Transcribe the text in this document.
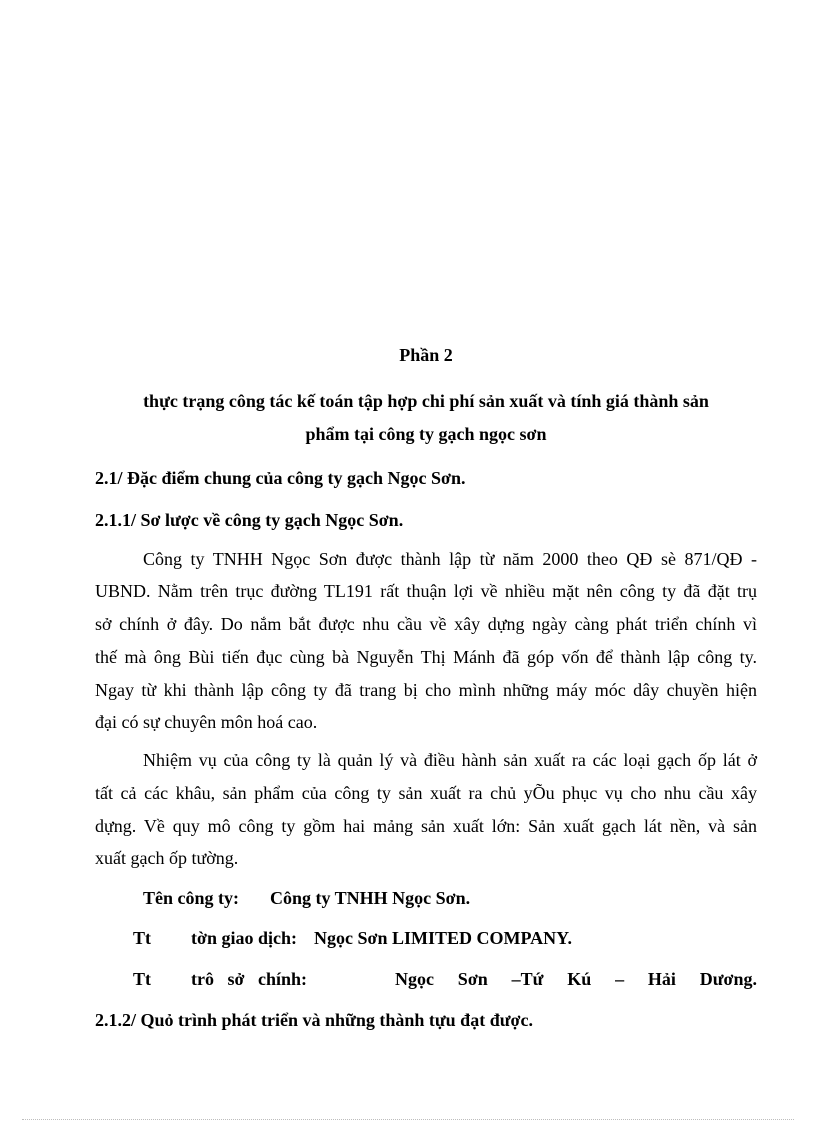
Phần 2
thực trạng công tác kế toán tập hợp chi phí sản xuất và tính giá thành sản
phẩm tại công ty gạch ngọc sơn
2.1/ Đặc điểm chung của công ty gạch Ngọc Sơn.
2.1.1/ Sơ lược về công ty gạch Ngọc Sơn.
Công ty TNHH Ngọc Sơn được thành lập từ năm 2000 theo QĐ sè 871/QĐ -
UBND. Nằm trên trục đường TL191 rất thuận lợi về nhiều mặt nên công ty đã đặt trụ
sở chính ở đây. Do nắm bắt được nhu cầu về xây dựng ngày càng phát triển chính vì
thế mà ông Bùi tiến đục cùng bà Nguyễn Thị Mánh đã góp vốn để thành lập công ty.
Ngay từ khi thành lập công ty đã trang bị cho mình những máy móc dây chuyền hiện
đại có sự chuyên môn hoá cao.
Nhiệm vụ của công ty là quản lý và điều hành sản xuất ra các loại gạch ốp lát ở
tất cả các khâu, sản phẩm của công ty sản xuất ra chủ yÕu phục vụ cho nhu cầu xây
dựng. Về quy mô công ty gồm hai mảng sản xuất lớn: Sản xuất gạch lát nền, và sản
xuất gạch ốp tường.
Tên công ty: Công ty TNHH Ngọc Sơn.
Tt tờn giao dịch: Ngọc Sơn LIMITED COMPANY.
Tt trô sở chính:	Ngọc Sơn –Tứ Kú – Hải Dương.
2.1.2/ Quỏ trình phát triển và những thành tựu đạt được.
